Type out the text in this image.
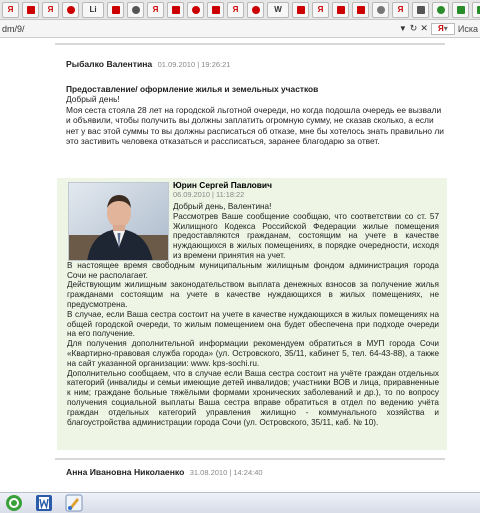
Я	Я	Li	Я	Я	W	Я	Я
dm/9/	▼ ↻ ✕ Я ▾ Иска
Рыбалко Валентина 01.09.2010 | 19:26:21
Предоставление/ оформление жилья и земельных участков
Добрый день!
Моя сеста стояла 28 лет на городской льготной очереди, но когда подошла очередь ее вызвали и объявили, чтобы получить вы должны заплатить огромную сумму, не сказав сколько, а если нет у вас этой суммы то вы должны расписаться об отказе, мне бы хотелось знать правильно ли это застивить человека отказаться и рассписаться, заранее благодарю за ответ.
Юрин Сергей Павлович
06.09.2010 | 11:18:22

Добрый день, Валентина!

Рассмотрев Ваше сообщение сообщаю, что соответствии со ст. 57 Жилищного Кодекса Российской Федерации жилые помещения предоставляются гражданам, состоящим на учете в качестве нуждающихся в жилых помещениях, в порядке очередности, исходя из времени принятия на учет.

В настоящее время свободным муниципальным жилищным фондом администрация города Сочи не располагает.

Действующим жилищным законодательством выплата денежных взносов за получение жилья гражданами состоящим на учете в качестве нуждающихся в жилых помещениях, не предусмотрена.

В случае, если Ваша сестра состоит на учете в качестве нуждающихся в жилых помещениях на общей городской очереди, то жилым помещением она будет обеспечена при подходе очереди на его получение.

Для получения дополнительной информации рекомендуем обратиться в МУП города Сочи «Квартирно-правовая служба города» (ул. Островского, 35/11, кабинет 5, тел. 64-43-88), а также на сайт указанной организации: www. kps-sochi.ru.

Дополнительно сообщаем, что в случае если Ваша сестра состоит на учёте граждан отдельных категорий (инвалиды и семьи имеющие детей инвалидов; участники ВОВ и лица, приравненные к ним; граждане больные тяжёлыми формами хронических заболеваний и др.), то по вопросу получения социальной выплаты Ваша сестра вправе обратиться в отдел по ведению учёта граждан отдельных категорий управления жилищно - коммунального хозяйства и благоустройства администрации города Сочи (ул. Островского, 35/11, каб. № 10).

Анна Ивановна Николаенко 31.08.2010 | 14:24:40
